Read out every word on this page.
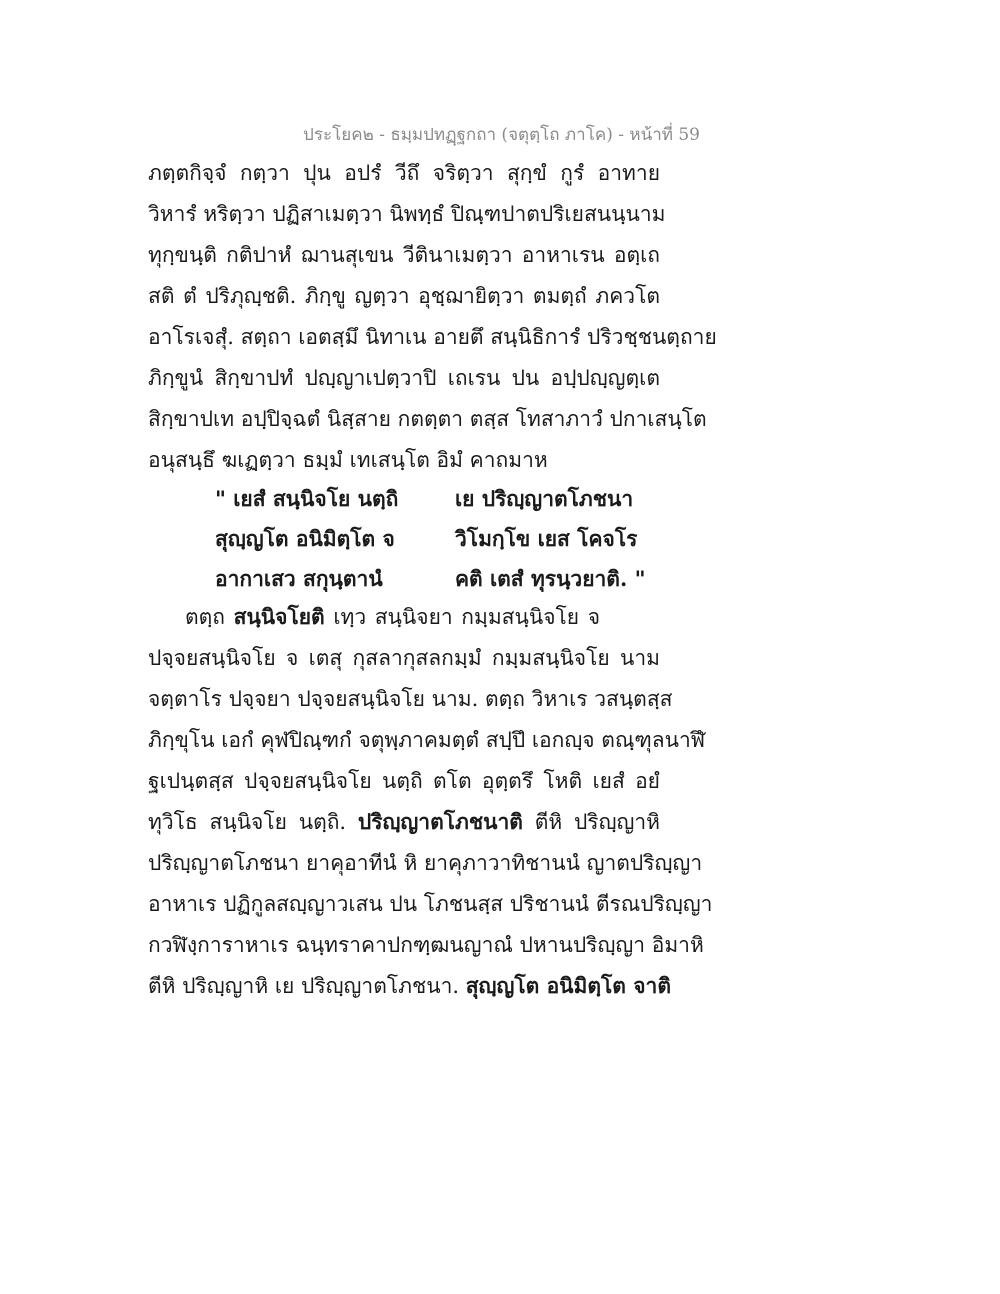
ประโยค๒ - ธมฺมปทฏฺฐกถา (จตุตฺโถ ภาโค) - หน้าที่ 59
ภตฺตกิจฺจํ กตฺวา ปุน อปรํ วีถึ จริตฺวา สุกฺขํ กูรํ อาทาย
วิหารํ หริตฺวา ปฏิสาเมตฺวา นิพทฺธํ ปิณฺฑปาตปริเยสนนฺนาม
ทุกฺขนฺติ กติปาหํ ฌานสุเขน วีตินาเมตฺวา อาหาเรน อตฺเถ
สติ ตํ ปริภุญฺชติ. ภิกฺขู ญตฺวา อุชฺฌายิตฺวา ตมตฺถํ ภควโต
อาโรเจสุํ. สตฺถา เอตสฺมึ นิทาเน อายตึ สนฺนิธิการํ ปริวชฺชนตฺถาย
ภิกฺขูนํ สิกฺขาปทํ ปญฺญาเปตฺวาปิ เถเรน ปน อปฺปญฺญตฺเต
สิกฺขาปเท อปฺปิจฺฉตํ นิสฺสาย กตตฺตา ตสฺส โทสาภาวํ ปกาเสนฺโต
อนุสนฺธึ ฆเฏตฺวา ธมฺมํ เทเสนฺโต อิมํ คาถมาห
" เยสํ สนฺนิจโย นตฺถิ	เย ปริญฺญาตโภชนา
สุญฺญโต อนิมิตฺโต จ	วิโมกฺโข เยส โคจโร
อากาเสว สกุนฺตานํ	คติ เตสํ ทุรนฺวยาติ. "
ตตฺถ สนฺนิจโยติ เทฺว สนฺนิจยา กมฺมสนฺนิจโย จ
ปจฺจยสนฺนิจโย จ เตสุ กุสลากุสลกมฺมํ กมฺมสนฺนิจโย นาม
จตฺตาโร ปจฺจยา ปจฺจยสนฺนิจโย นาม. ตตฺถ วิหาเร วสนฺตสฺส
ภิกฺขุโน เอกํ คุฬปิณฺฑกํ จตุพฺภาคมตฺตํ สปฺปึ เอกญฺจ ตณฺฑุลนาฬึ
ฐเปนฺตสฺส ปจฺจยสนฺนิจโย นตฺถิ ตโต อุตฺตรึ โหติ เยสํ อยํ
ทุวิโธ สนฺนิจโย นตฺถิ. ปริญฺญาตโภชนาติ ตีหิ ปริญฺญาหิ
ปริญฺญาตโภชนา ยาคุอาทีนํ หิ ยาคุภาวาทิชานนํ ญาตปริญฺญา
อาหาเร ปฏิกูลสญฺญาวเสน ปน โภชนสฺส ปริชานนํ ตีรณปริญฺญา
กวฬิงฺการาหาเร ฉนฺทราคาปกฑฺฒนญาณํ ปหานปริญฺญา อิมาหิ
ตีหิ ปริญฺญาหิ เย ปริญฺญาตโภชนา. สุญฺญโต อนิมิตฺโต จาติ
